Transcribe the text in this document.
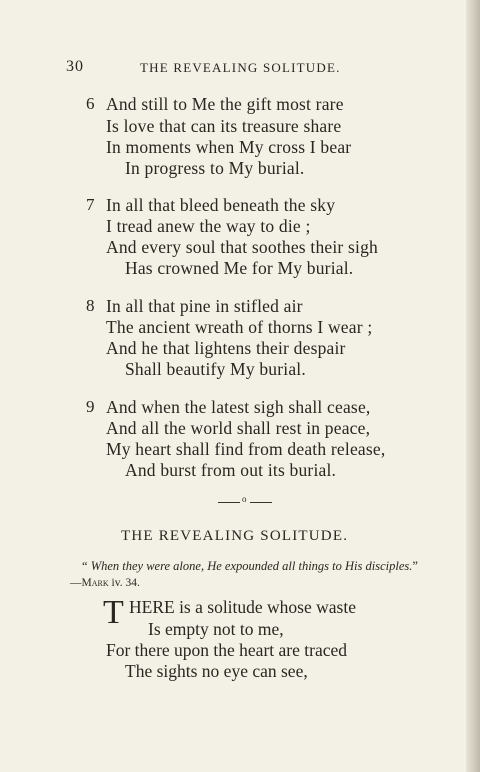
30	THE REVEALING SOLITUDE.
6 And still to Me the gift most rare
Is love that can its treasure share
In moments when My cross I bear
In progress to My burial.
7 In all that bleed beneath the sky
I tread anew the way to die ;
And every soul that soothes their sigh
Has crowned Me for My burial.
8 In all that pine in stifled air
The ancient wreath of thorns I wear ;
And he that lightens their despair
Shall beautify My burial.
9 And when the latest sigh shall cease,
And all the world shall rest in peace,
My heart shall find from death release,
And burst from out its burial.
o
THE REVEALING SOLITUDE.
“ When they were alone, He expounded all things to His disciples.”
—Mark iv. 34.
T HERE is a solitude whose waste
Is empty not to me,
For there upon the heart are traced
The sights no eye can see,
